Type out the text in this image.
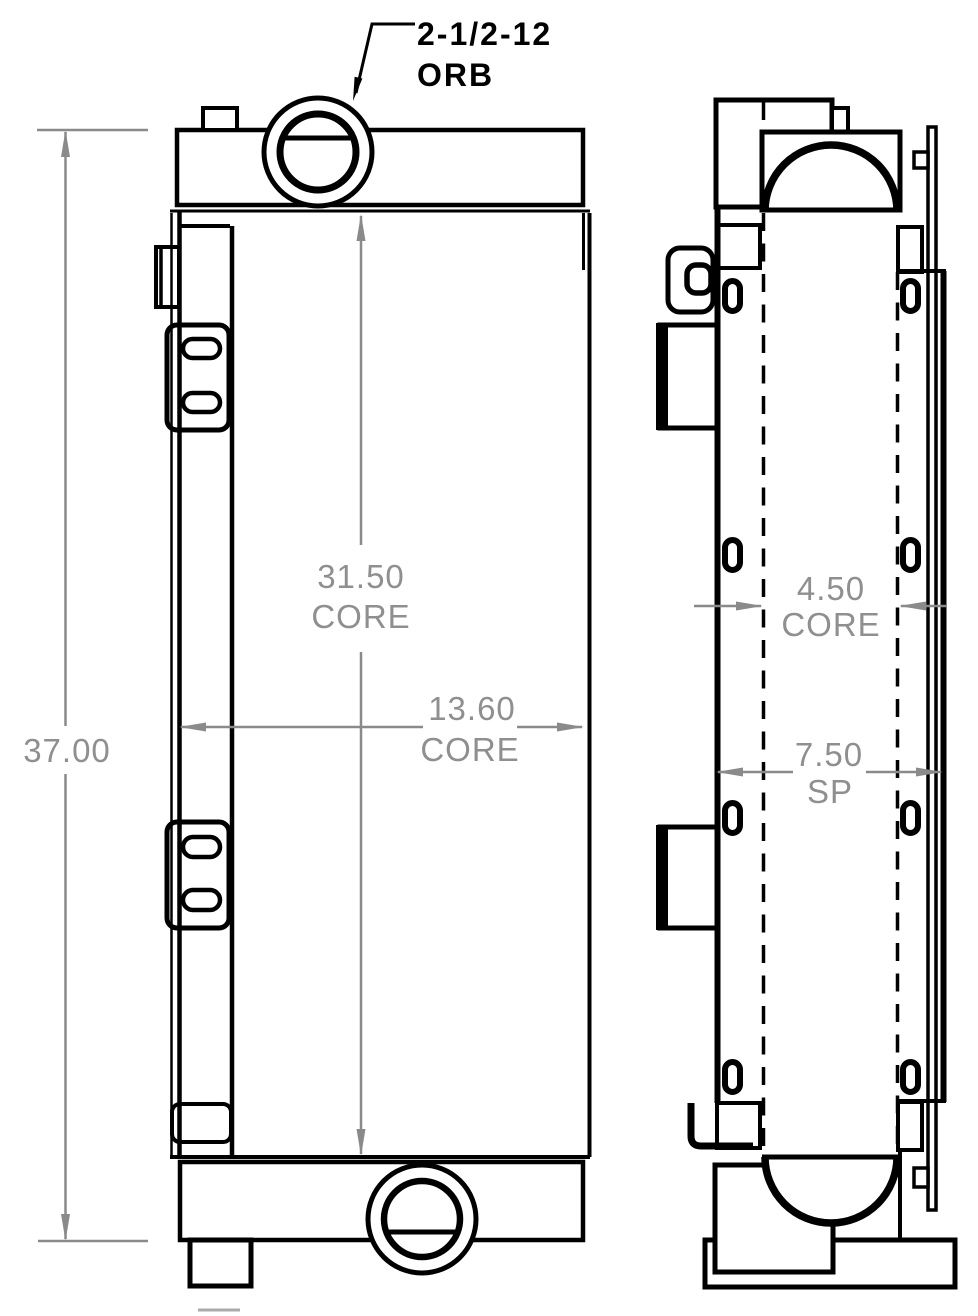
37.00
31.50
CORE
13.60
CORE
4.50
CORE
7.50
SP
2-1/2-12
ORB
